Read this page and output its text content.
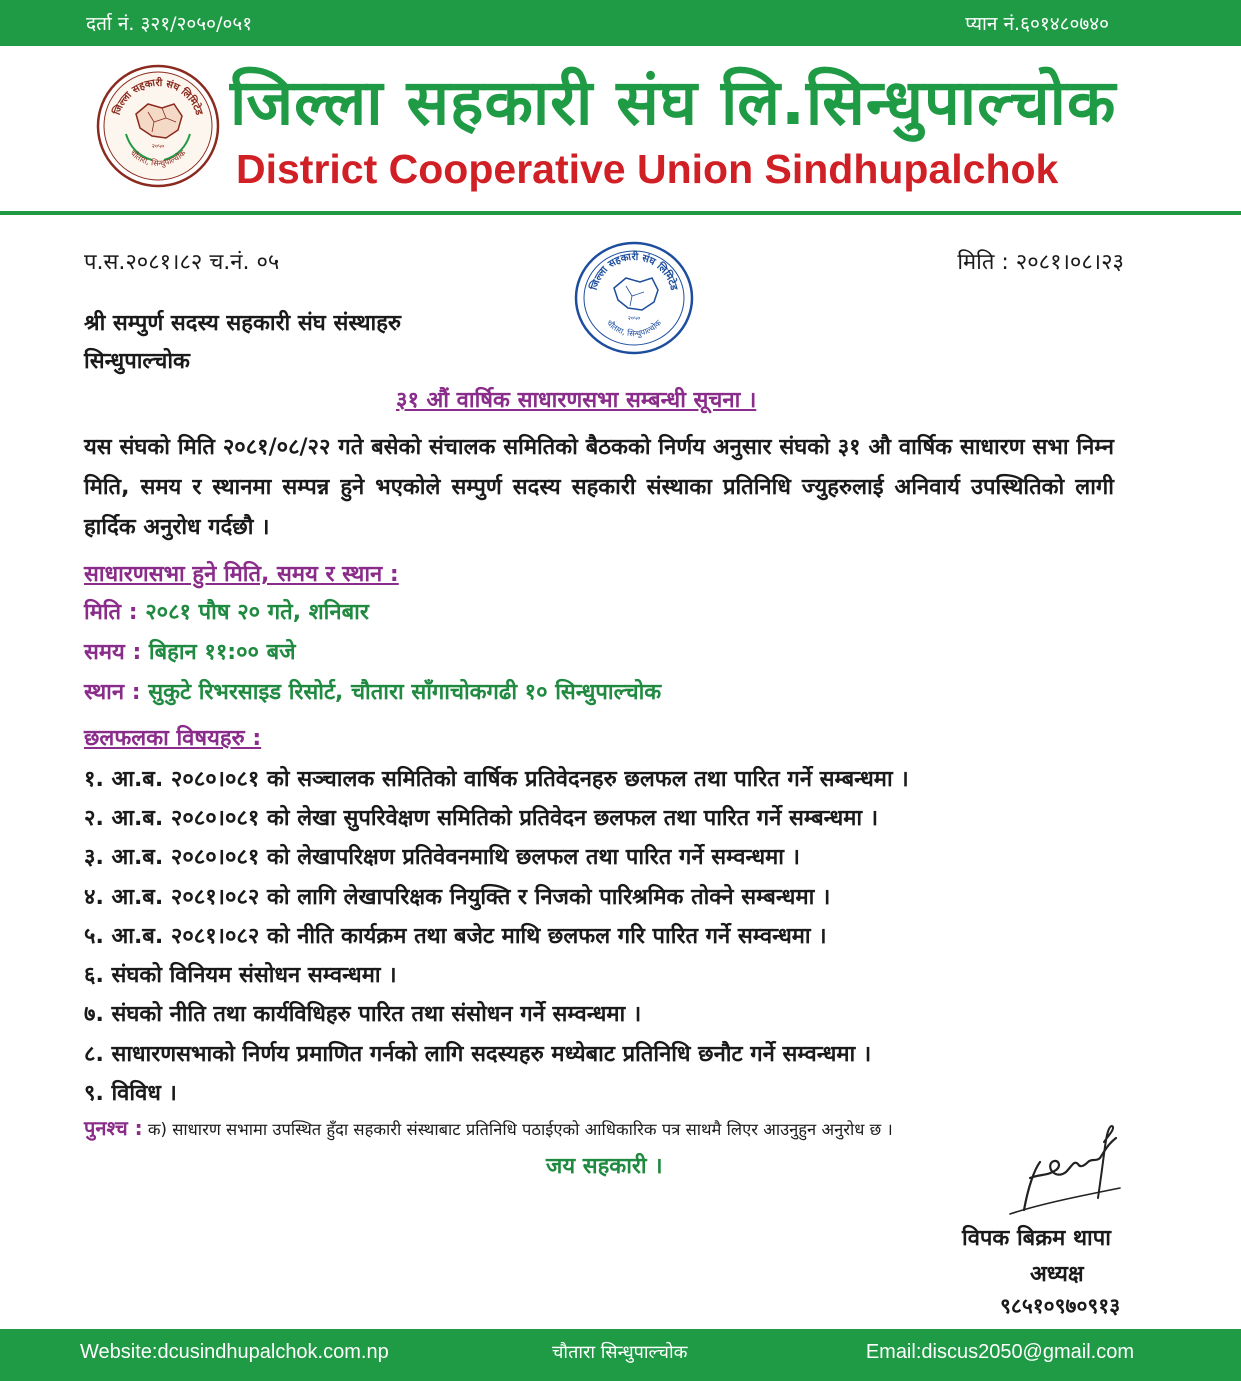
दर्ता नं. ३२१/२०५०/०५१	प्यान नं.६०१४८०७४०
जिल्ला सहकारी संघ लिमिटेड
२०५०
चौतारा, सिन्धुपाल्चोक
जिल्ला सहकारी संघ लि.सिन्धुपाल्चोक
District Cooperative Union Sindhupalchok
प.स.२०८१।८२ च.नं. ०५	मिति : २०८१।०८।२३
जिल्ला सहकारी संघ लिमिटेड
२०५०
चौतारा, सिन्धुपाल्चोक
श्री सम्पुर्ण सदस्य सहकारी संघ संस्थाहरु
सिन्धुपाल्चोक
३१ औं वार्षिक साधारणसभा सम्बन्धी सूचना ।

यस संघको मिति २०८१/०८/२२ गते बसेको संचालक समितिको बैठकको निर्णय अनुसार संघको ३१ औ वार्षिक साधारण सभा निम्न मिति, समय र स्थानमा सम्पन्न हुने भएकोले सम्पुर्ण सदस्य सहकारी संस्थाका प्रतिनिधि ज्युहरुलाई अनिवार्य उपस्थितिको लागी हार्दिक अनुरोध गर्दछौ ।

साधारणसभा हुने मिति, समय र स्थान :
मिति : २०८१ पौष २० गते, शनिबार
समय : बिहान ११:०० बजे
स्थान : सुकुटे रिभरसाइड रिसोर्ट, चौतारा साँगाचोकगढी १० सिन्धुपाल्चोक
छलफलका विषयहरु :
१. आ.ब. २०८०।०८१ को सञ्चालक समितिको वार्षिक प्रतिवेदनहरु छलफल तथा पारित गर्ने सम्बन्धमा ।
२. आ.ब. २०८०।०८१ को लेखा सुपरिवेक्षण समितिको प्रतिवेदन छलफल तथा पारित गर्ने सम्बन्धमा ।
३. आ.ब. २०८०।०८१ को लेखापरिक्षण प्रतिवेवनमाथि छलफल तथा पारित गर्ने सम्वन्धमा ।
४. आ.ब. २०८१।०८२ को लागि लेखापरिक्षक नियुक्ति र निजको पारिश्रमिक तोक्ने सम्बन्धमा ।
५. आ.ब. २०८१।०८२ को नीति कार्यक्रम तथा बजेट माथि छलफल गरि पारित गर्ने सम्वन्धमा ।
६. संघको विनियम संसोधन सम्वन्धमा ।
७. संघको नीति तथा कार्यविधिहरु पारित तथा संसोधन गर्ने सम्वन्धमा ।
८. साधारणसभाको निर्णय प्रमाणित गर्नको लागि सदस्यहरु मध्येबाट प्रतिनिधि छनौट गर्ने सम्वन्धमा ।
९. विविध ।
पुनश्च : क) साधारण सभामा उपस्थित हुँदा सहकारी संस्थाबाट प्रतिनिधि पठाईएको आधिकारिक पत्र साथमै लिएर आउनुहुन अनुरोध छ ।
जय सहकारी ।
विपक बिक्रम थापा
अध्यक्ष
९८५१०९७०९१३
Website:dcusindhupalchok.com.np	चौतारा सिन्धुपाल्चोक	Email:discus2050@gmail.com
